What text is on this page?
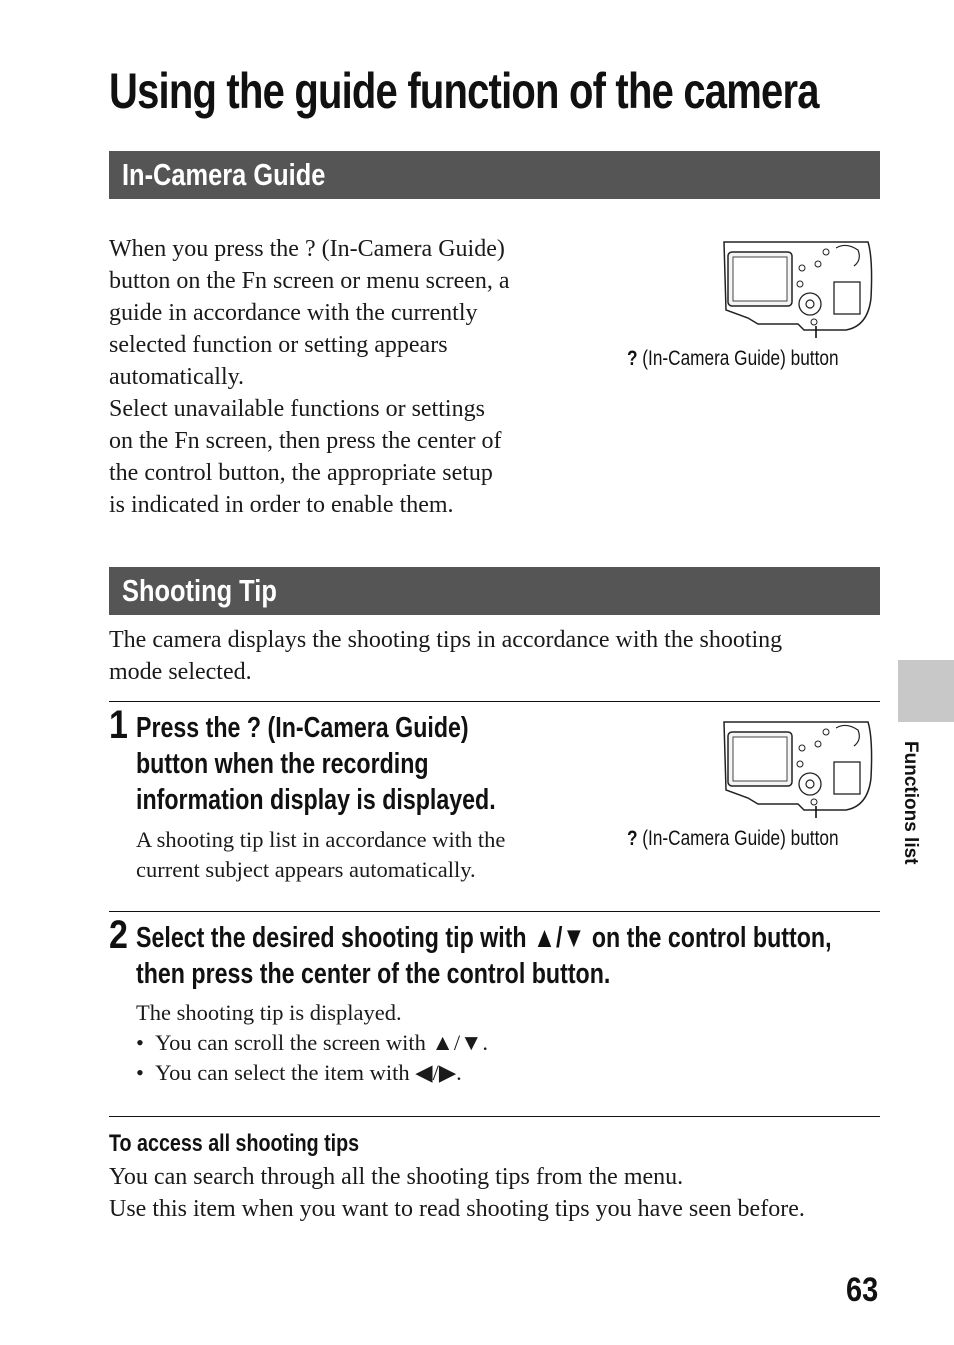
Using the guide function of the camera
In-Camera Guide
When you press the ? (In-Camera Guide)
button on the Fn screen or menu screen, a
guide in accordance with the currently
selected function or setting appears
automatically.
Select unavailable functions or settings
on the Fn screen, then press the center of
the control button, the appropriate setup
is indicated in order to enable them.
? (In-Camera Guide) button
Shooting Tip
The camera displays the shooting tips in accordance with the shooting
mode selected.
1 Press the ? (In-Camera Guide)
button when the recording
information display is displayed.
A shooting tip list in accordance with the
current subject appears automatically.
? (In-Camera Guide) button
2 Select the desired shooting tip with ▲/▼ on the control button,
then press the center of the control button.
The shooting tip is displayed.
•  You can scroll the screen with ▲/▼.
•  You can select the item with ◀/▶.
To access all shooting tips
You can search through all the shooting tips from the menu.
Use this item when you want to read shooting tips you have seen before.
Functions list
63
